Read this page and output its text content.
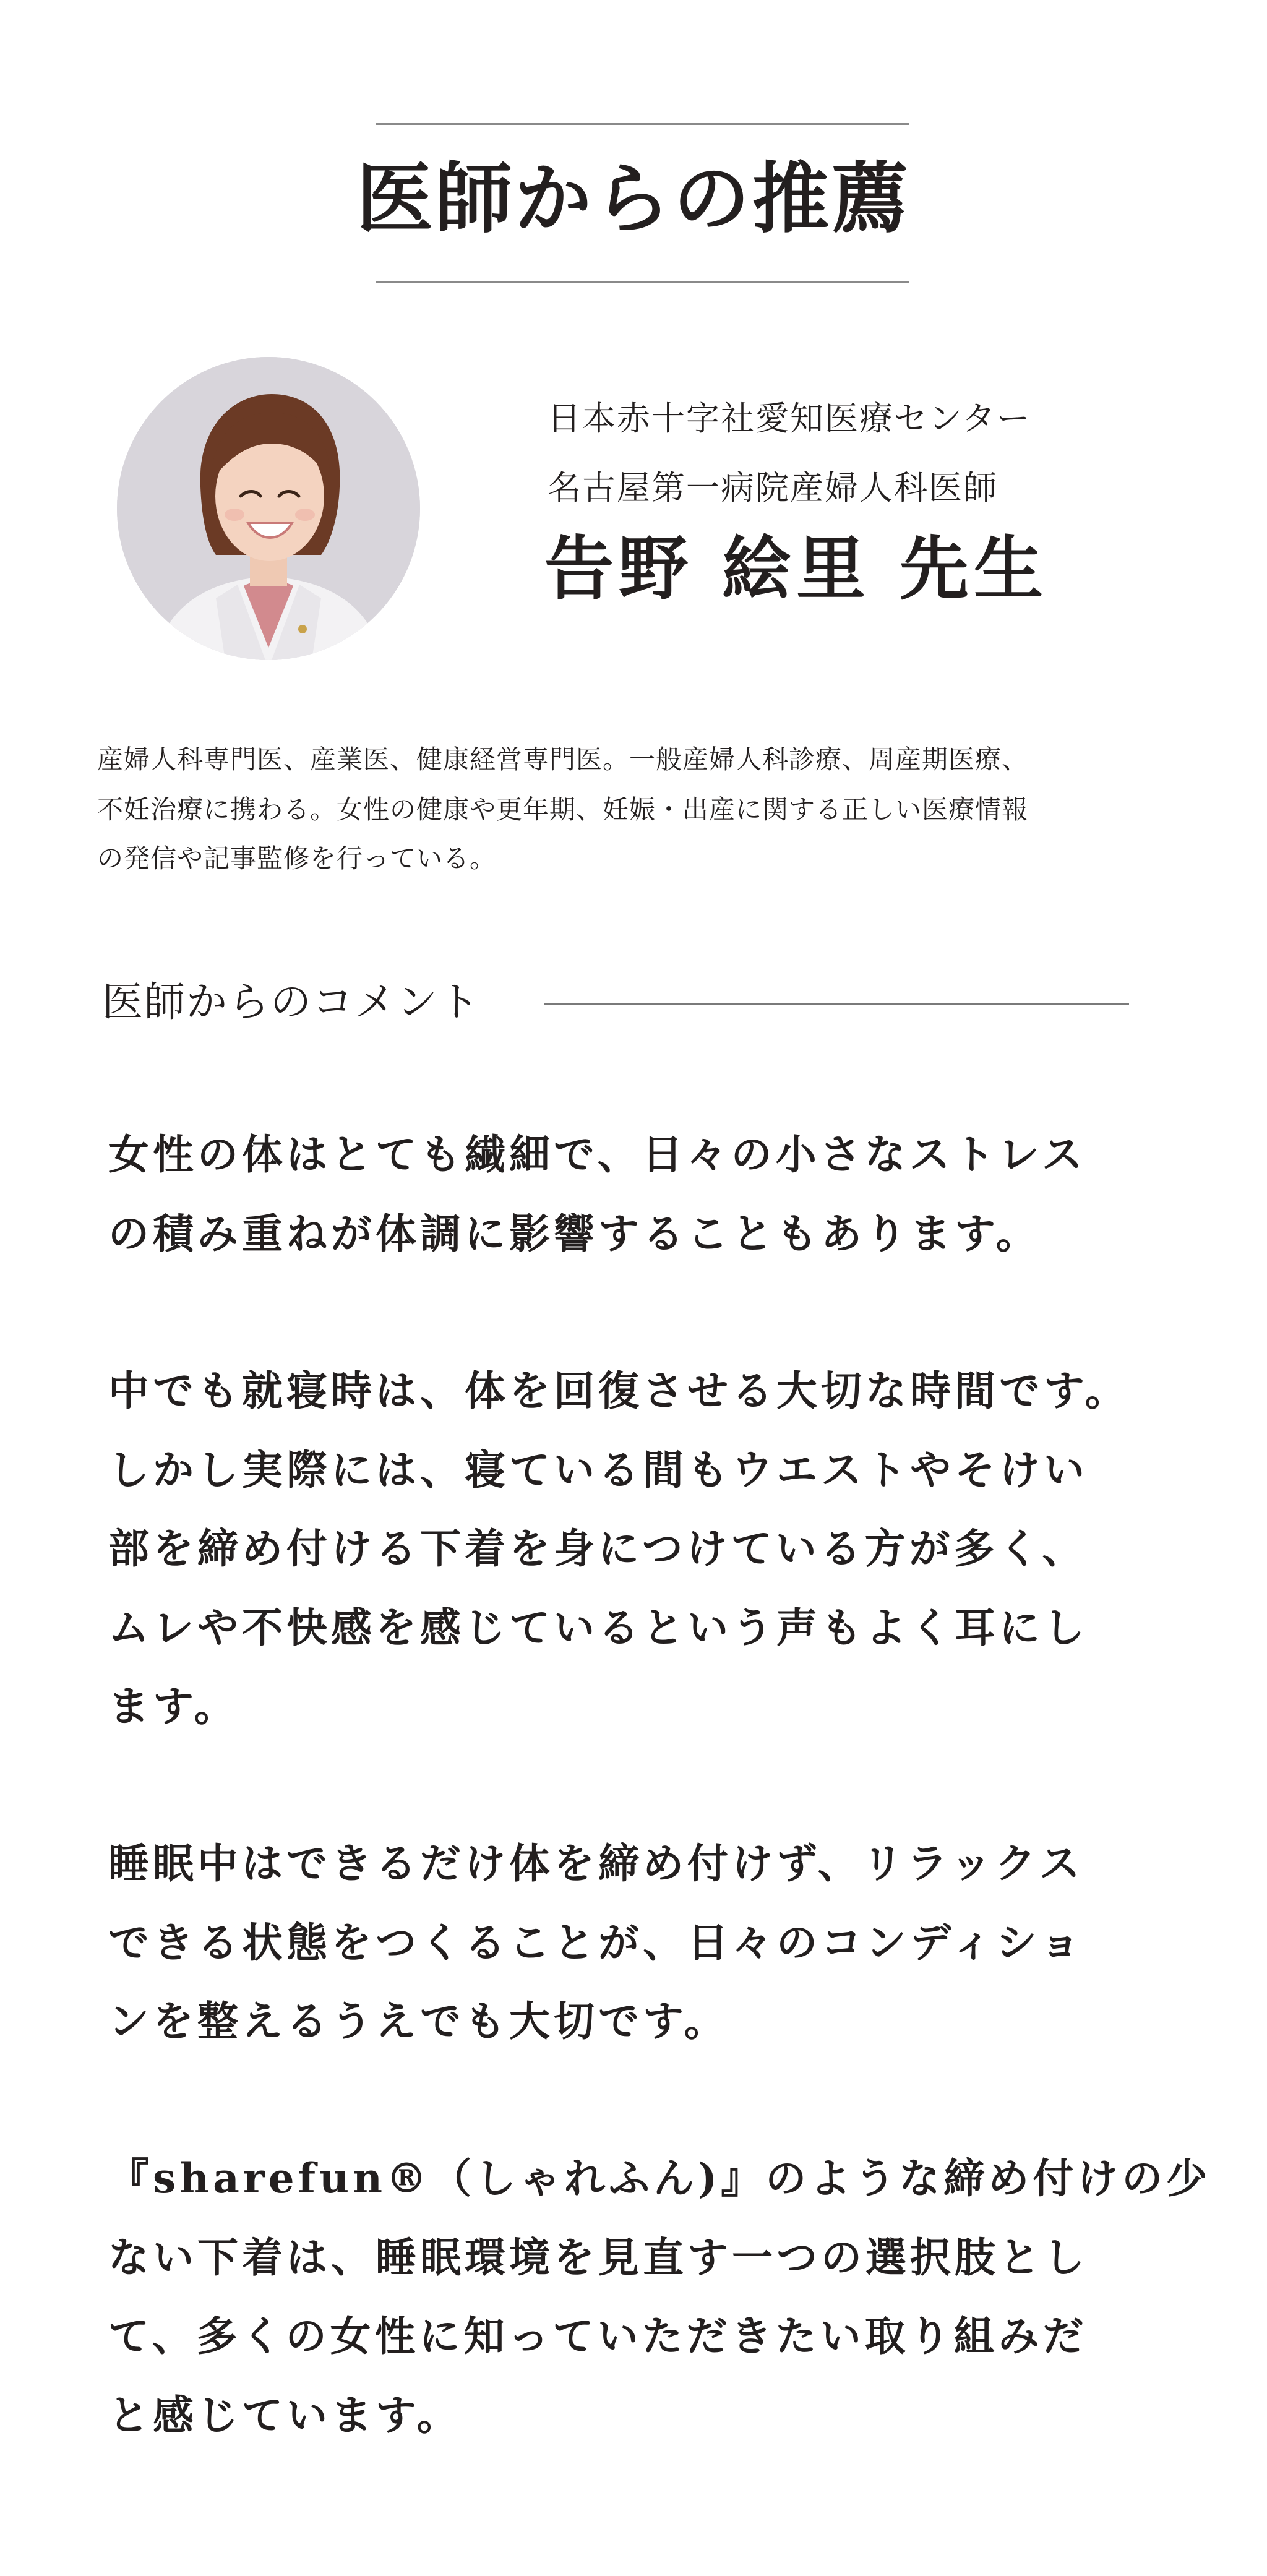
医師からの推薦
日本赤十字社愛知医療センター
名古屋第一病院産婦人科医師
告野 絵里 先生
産婦人科専門医、産業医、健康経営専門医。一般産婦人科診療、周産期医療、
不妊治療に携わる。女性の健康や更年期、妊娠・出産に関する正しい医療情報
の発信や記事監修を行っている。
医師からのコメント
女性の体はとても繊細で、日々の小さなストレス
の積み重ねが体調に影響することもあります。
中でも就寝時は、体を回復させる大切な時間です。
しかし実際には、寝ている間もウエストやそけい
部を締め付ける下着を身につけている方が多く、
ムレや不快感を感じているという声もよく耳にし
ます。
睡眠中はできるだけ体を締め付けず、リラックス
できる状態をつくることが、日々のコンディショ
ンを整えるうえでも大切です。
『sharefun®（しゃれふん)』のような締め付けの少
ない下着は、睡眠環境を見直す一つの選択肢とし
て、多くの女性に知っていただきたい取り組みだ
と感じています。
